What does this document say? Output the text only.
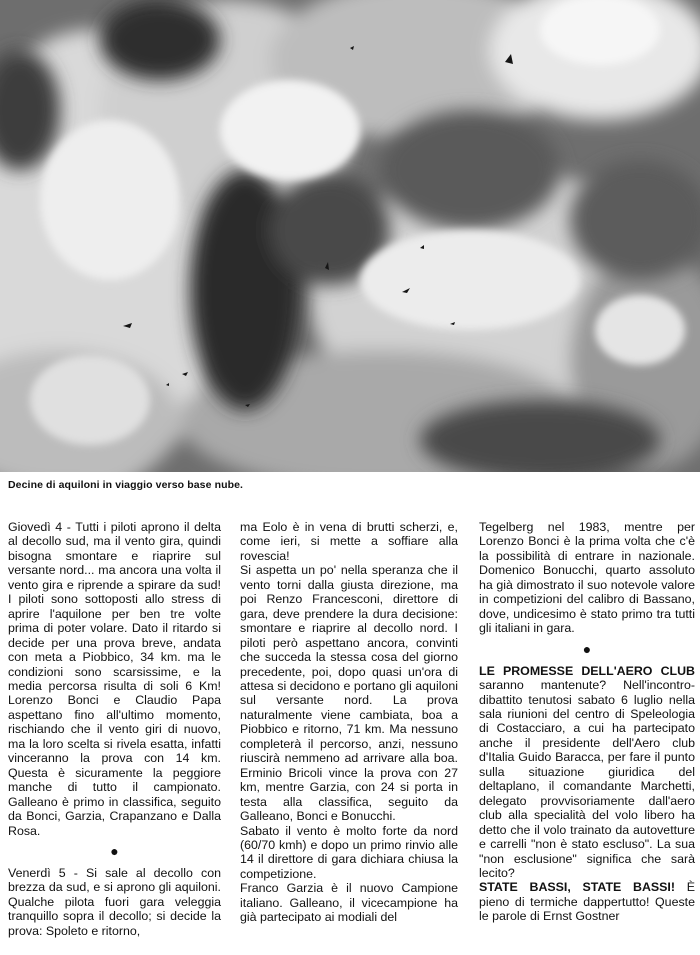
Decine di aquiloni in viaggio verso base nube.

Giovedì 4 - Tutti i piloti aprono il delta al decollo sud, ma il vento gira, quindi bisogna smontare e riaprire sul versante nord... ma ancora una volta il vento gira e riprende a spirare da sud! I piloti sono sottoposti allo stress di aprire l'aquilone per ben tre volte prima di poter volare. Dato il ritardo si decide per una prova breve, andata con meta a Piobbico, 34 km. ma le condizioni sono scarsissime, e la media percorsa risulta di soli 6 Km! Lorenzo Bonci e Claudio Papa aspettano fino all'ultimo momento, rischiando che il vento giri di nuovo, ma la loro scelta si rivela esatta, infatti vinceranno la prova con 14 km. Questa è sicuramente la peggiore manche di tutto il campionato. Galleano è primo in classifica, seguito da Bonci, Garzia, Crapanzano e Dalla Rosa.

●

Venerdì 5 - Si sale al decollo con brezza da sud, e si aprono gli aquiloni. Qualche pilota fuori gara veleggia tranquillo sopra il decollo; si decide la prova: Spoleto e ritorno,

ma Eolo è in vena di brutti scherzi, e, come ieri, si mette a soffiare alla rovescia!

Si aspetta un po' nella speranza che il vento torni dalla giusta direzione, ma poi Renzo Francesconi, direttore di gara, deve prendere la dura decisione: smontare e riaprire al decollo nord. I piloti però aspettano ancora, convinti che succeda la stessa cosa del giorno precedente, poi, dopo quasi un'ora di attesa si decidono e portano gli aquiloni sul versante nord. La prova naturalmente viene cambiata, boa a Piobbico e ritorno, 71 km. Ma nessuno completerà il percorso, anzi, nessuno riuscirà nemmeno ad arrivare alla boa. Erminio Bricoli vince la prova con 27 km, mentre Garzia, con 24 si porta in testa alla classifica, seguito da Galleano, Bonci e Bonucchi.

Sabato il vento è molto forte da nord (60/70 kmh) e dopo un primo rinvio alle 14 il direttore di gara dichiara chiusa la competizione.

Franco Garzia è il nuovo Campione italiano. Galleano, il vicecampione ha già partecipato ai modiali del

Tegelberg nel 1983, mentre per Lorenzo Bonci è la prima volta che c'è la possibilità di entrare in nazionale. Domenico Bonucchi, quarto assoluto ha già dimostrato il suo notevole valore in competizioni del calibro di Bassano, dove, undicesimo è stato primo tra tutti gli italiani in gara.

●

LE PROMESSE DELL'AERO CLUB saranno mantenute? Nell'incontro-dibattito tenutosi sabato 6 luglio nella sala riunioni del centro di Speleologia di Costacciaro, a cui ha partecipato anche il presidente dell'Aero club d'Italia Guido Baracca, per fare il punto sulla situazione giuridica del deltaplano, il comandante Marchetti, delegato provvisoriamente dall'aero club alla specialità del volo libero ha detto che il volo trainato da autovetture e carrelli "non è stato escluso". La sua "non esclusione" significa che sarà lecito?

STATE BASSI, STATE BASSI! È pieno di termiche dappertutto! Queste le parole di Ernst Gostner
